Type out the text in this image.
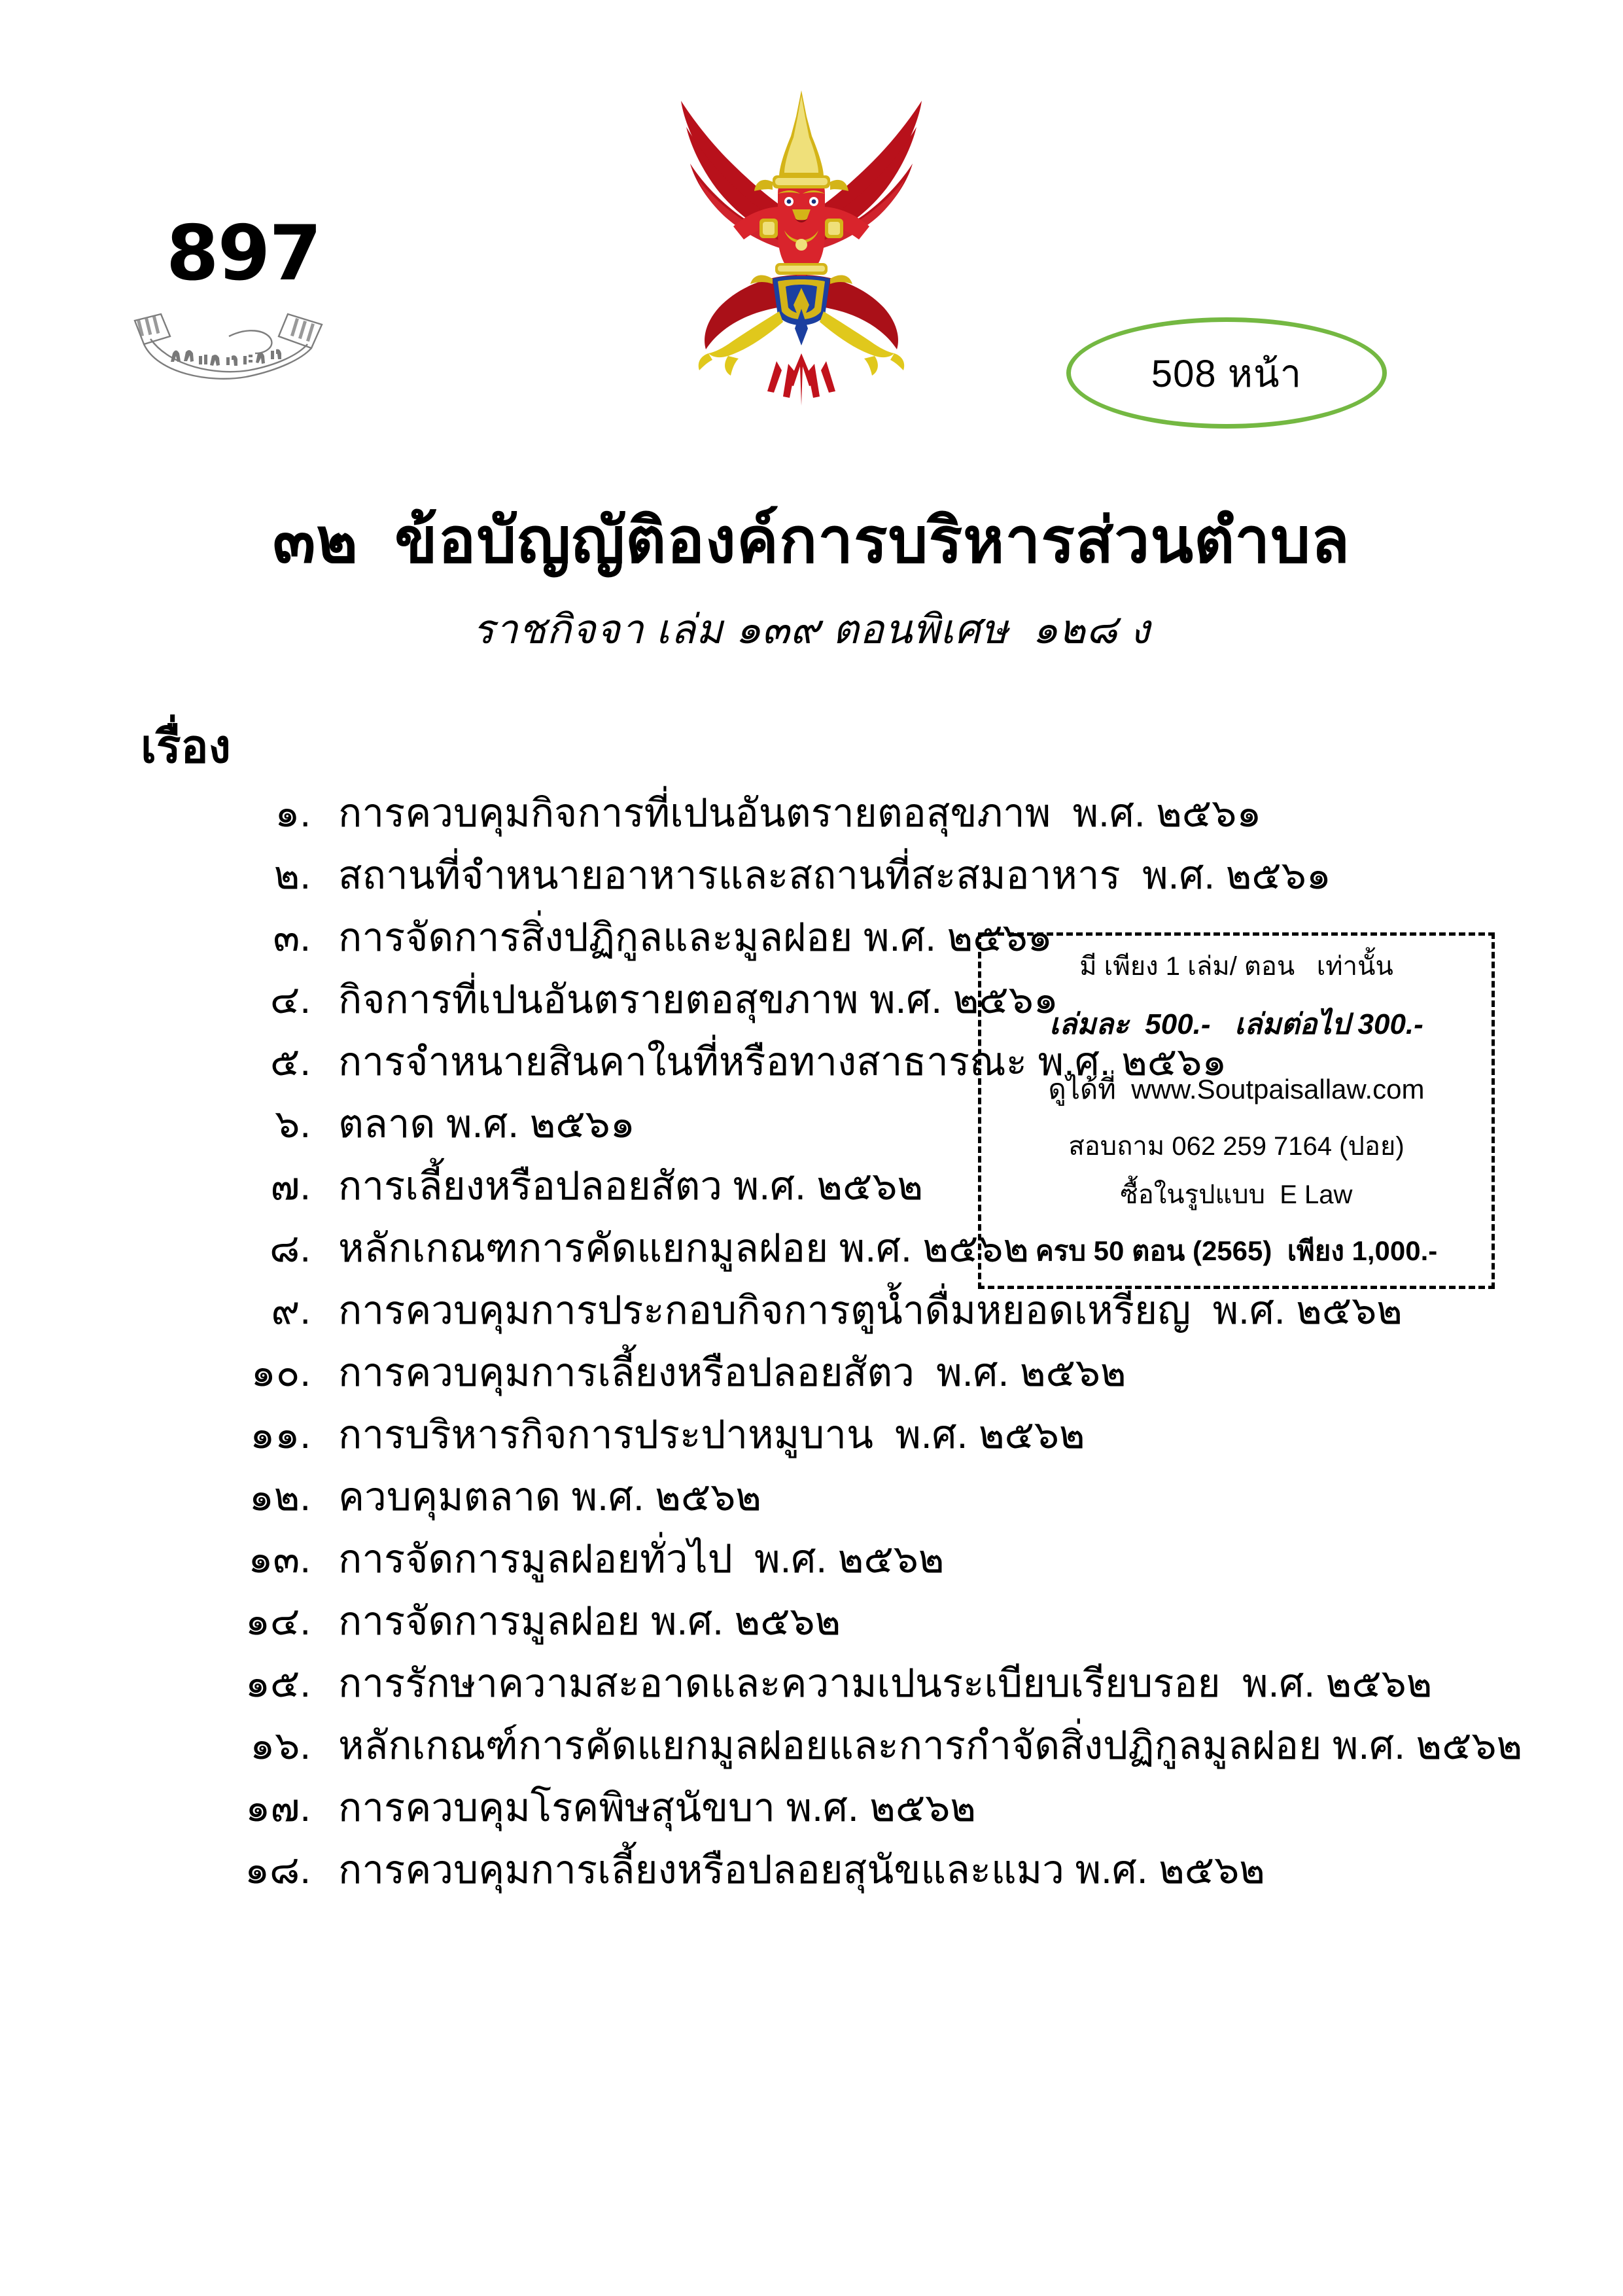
897
508 หน้า
๓๒  ข้อบัญญัติองค์การบริหารส่วนตำบล
ราชกิจจา เล่ม ๑๓๙ ตอนพิเศษ  ๑๒๘ ง
เรื่อง
๑. การควบคุมกิจการที่เปนอันตรายตอสุขภาพ  พ.ศ. ๒๕๖๑
๒. สถานที่จำหนายอาหารและสถานที่สะสมอาหาร  พ.ศ. ๒๕๖๑
๓. การจัดการสิ่งปฏิกูลและมูลฝอย พ.ศ. ๒๕๖๑
๔. กิจการที่เปนอันตรายตอสุขภาพ พ.ศ. ๒๕๖๑
๕. การจำหนายสินคาในที่หรือทางสาธารณะ พ.ศ. ๒๕๖๑
๖. ตลาด พ.ศ. ๒๕๖๑
๗. การเลี้ยงหรือปลอยสัตว พ.ศ. ๒๕๖๒
๘. หลักเกณฑการคัดแยกมูลฝอย พ.ศ. ๒๕๖๒
๙. การควบคุมการประกอบกิจการตูน้ำดื่มหยอดเหรียญ  พ.ศ. ๒๕๖๒
๑๐. การควบคุมการเลี้ยงหรือปลอยสัตว  พ.ศ. ๒๕๖๒
๑๑. การบริหารกิจการประปาหมูบาน  พ.ศ. ๒๕๖๒
๑๒. ควบคุมตลาด พ.ศ. ๒๕๖๒
๑๓. การจัดการมูลฝอยทั่วไป  พ.ศ. ๒๕๖๒
๑๔. การจัดการมูลฝอย พ.ศ. ๒๕๖๒
๑๕. การรักษาความสะอาดและความเปนระเบียบเรียบรอย  พ.ศ. ๒๕๖๒
๑๖. หลักเกณฑ์การคัดแยกมูลฝอยและการกำจัดสิ่งปฏิกูลมูลฝอย พ.ศ. ๒๕๖๒
๑๗. การควบคุมโรคพิษสุนัขบา พ.ศ. ๒๕๖๒
๑๘. การควบคุมการเลี้ยงหรือปลอยสุนัขและแมว พ.ศ. ๒๕๖๒
มี เพียง 1 เล่ม/ ตอน   เท่านั้น
เล่มละ  500.-   เล่มต่อไป 300.-
ดูได้ที่  www.Soutpaisallaw.com
สอบถาม 062 259 7164 (ปอย)
ซื้อในรูปแบบ  E Law
ครบ 50 ตอน (2565)  เพียง 1,000.-
